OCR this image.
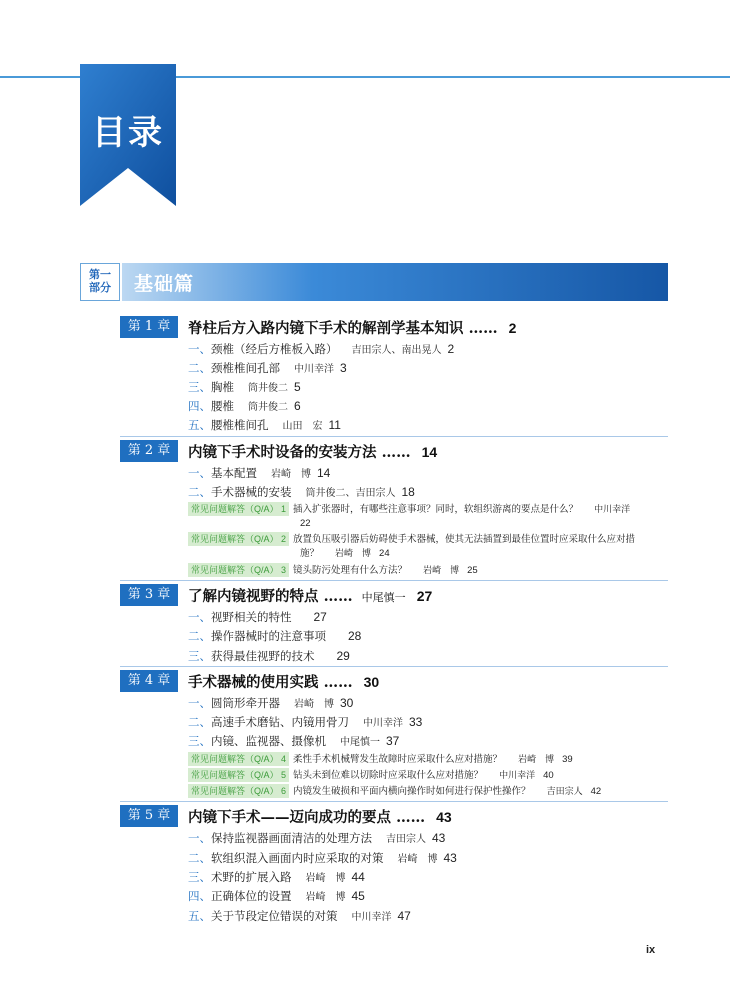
目录
第一
部分 基础篇
第 1 章	脊柱后方入路内镜下手术的解剖学基本知识 …… 2
一、颈椎（经后方椎板入路） 吉田宗人、南出晃人 2
二、颈椎椎间孔部 中川幸洋 3
三、胸椎 筒井俊二 5
四、腰椎 筒井俊二 6
五、腰椎椎间孔 山田　宏 11
第 2 章	内镜下手术时设备的安装方法 …… 14
一、基本配置 岩崎　博 14
二、手术器械的安装 筒井俊二、吉田宗人 18
常见问题解答（Q/A） 1 插入扩张器时，有哪些注意事项？同时，软组织游离的要点是什么？ 中川幸洋
22
常见问题解答（Q/A） 2 放置负压吸引器后妨碍使手术器械，使其无法插置到最佳位置时应采取什么应对措
施？ 岩崎　博 24
常见问题解答（Q/A） 3 镜头防污处理有什么方法？ 岩崎　博 25
第 3 章	了解内镜视野的特点 …… 中尾慎一 27
一、视野相关的特性 27
二、操作器械时的注意事项 28
三、获得最佳视野的技术 29
第 4 章	手术器械的使用实践 …… 30
一、圆筒形牵开器 岩崎　博 30
二、高速手术磨钻、内镜用骨刀 中川幸洋 33
三、内镜、监视器、摄像机 中尾慎一 37
常见问题解答（Q/A） 4 柔性手术机械臂发生故障时应采取什么应对措施？ 岩崎　博 39
常见问题解答（Q/A） 5 钻头未到位难以切除时应采取什么应对措施？ 中川幸洋 40
常见问题解答（Q/A） 6 内镜发生破损和平面内横向操作时如何进行保护性操作？ 吉田宗人 42
第 5 章	内镜下手术——迈向成功的要点 …… 43
一、保持监视器画面清洁的处理方法 吉田宗人 43
二、软组织混入画面内时应采取的对策 岩崎　博 43
三、术野的扩展入路 岩崎　博 44
四、正确体位的设置 岩崎　博 45
五、关于节段定位错误的对策 中川幸洋 47
ix
